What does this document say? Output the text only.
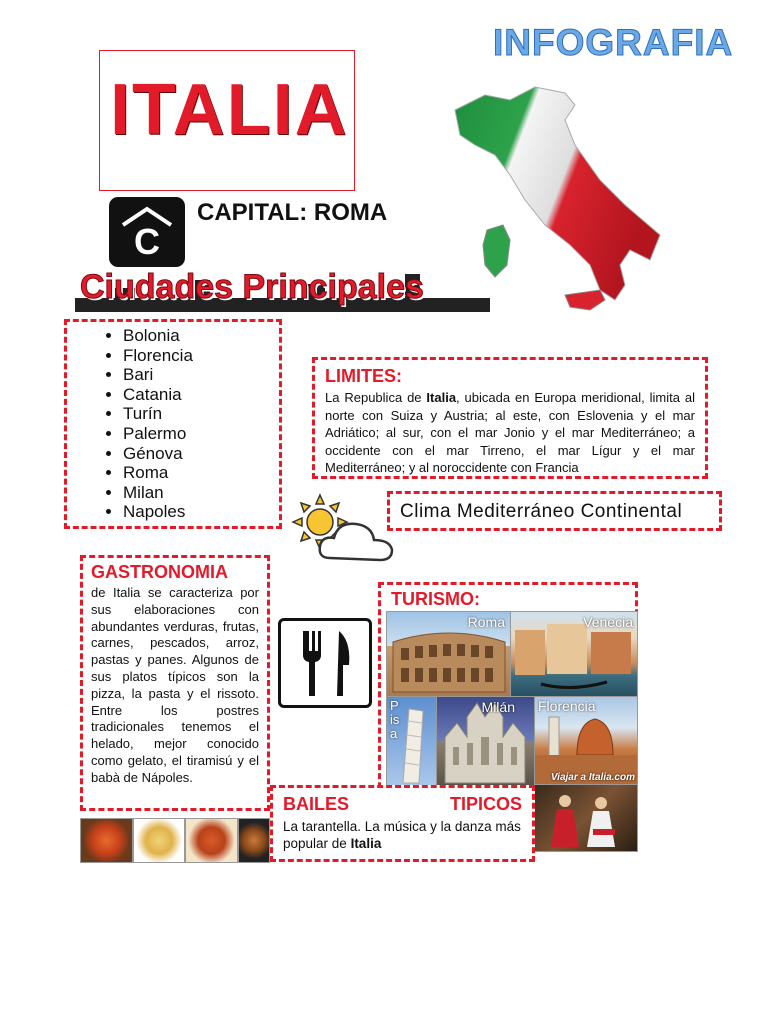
INFOGRAFIA
ITALIA
C
CAPITAL: ROMA
Ciudades Principales
• Bolonia
• Florencia
• Bari
• Catania
• Turín
• Palermo
• Génova
• Roma
• Milan
• Napoles
LIMITES:
La Republica de Italia, ubicada en Europa meridional, limita al norte con Suiza y Austria; al este, con Eslovenia y el mar Adriático; al sur, con el mar Jonio y el mar Mediterráneo; a occidente con el mar Tirreno, el mar Lígur y el mar Mediterráneo; y al noroccidente con Francia
Clima Mediterráneo Continental
GASTRONOMIA
de Italia se caracteriza por sus elaboraciones con abundantes verduras, frutas, carnes, pescados, arroz, pastas y panes. Algunos de sus platos típicos son la pizza, la pasta y el rissoto. Entre los postres tradicionales tenemos el helado, mejor conocido como gelato, el tiramisú y el babà de Nápoles.
TURISMO:
Roma	Venecia
Pisa
Milán Florencia
Viajar a Italia.com
BAILES	TIPICOS
La tarantella. La música y la danza más popular de Italia
